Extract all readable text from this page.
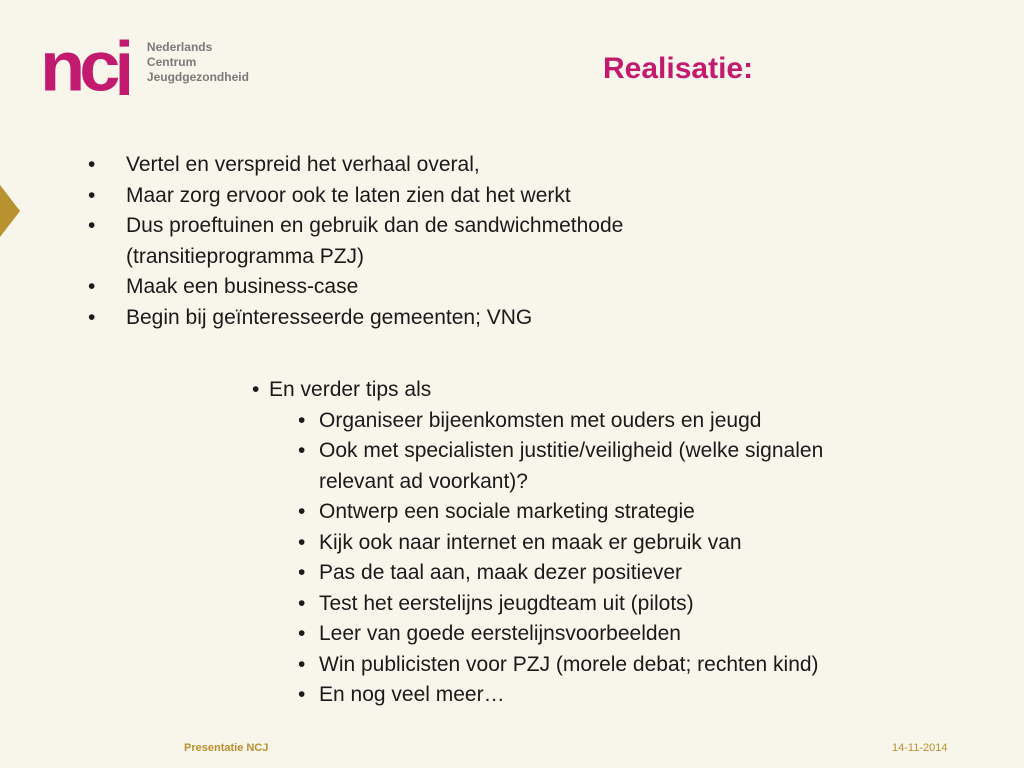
ncj Nederlands
Centrum
Jeugdgezondheid	Realisatie:
• Vertel en verspreid het verhaal overal,
• Maar zorg ervoor ook te laten zien dat het werkt
• Dus proeftuinen en gebruik dan de sandwichmethode (transitieprogramma PZJ)
• Maak een business-case
• Begin bij geïnteresseerde gemeenten; VNG
• En verder tips als
• Organiseer bijeenkomsten met ouders en jeugd
• Ook met specialisten justitie/veiligheid (welke signalen relevant ad voorkant)?
• Ontwerp een sociale marketing strategie
• Kijk ook naar internet en maak er gebruik van
• Pas de taal aan, maak dezer positiever
• Test het eerstelijns jeugdteam uit (pilots)
• Leer van goede eerstelijnsvoorbeelden
• Win publicisten voor PZJ (morele debat; rechten kind)
• En nog veel meer…
Presentatie NCJ	14-11-2014
